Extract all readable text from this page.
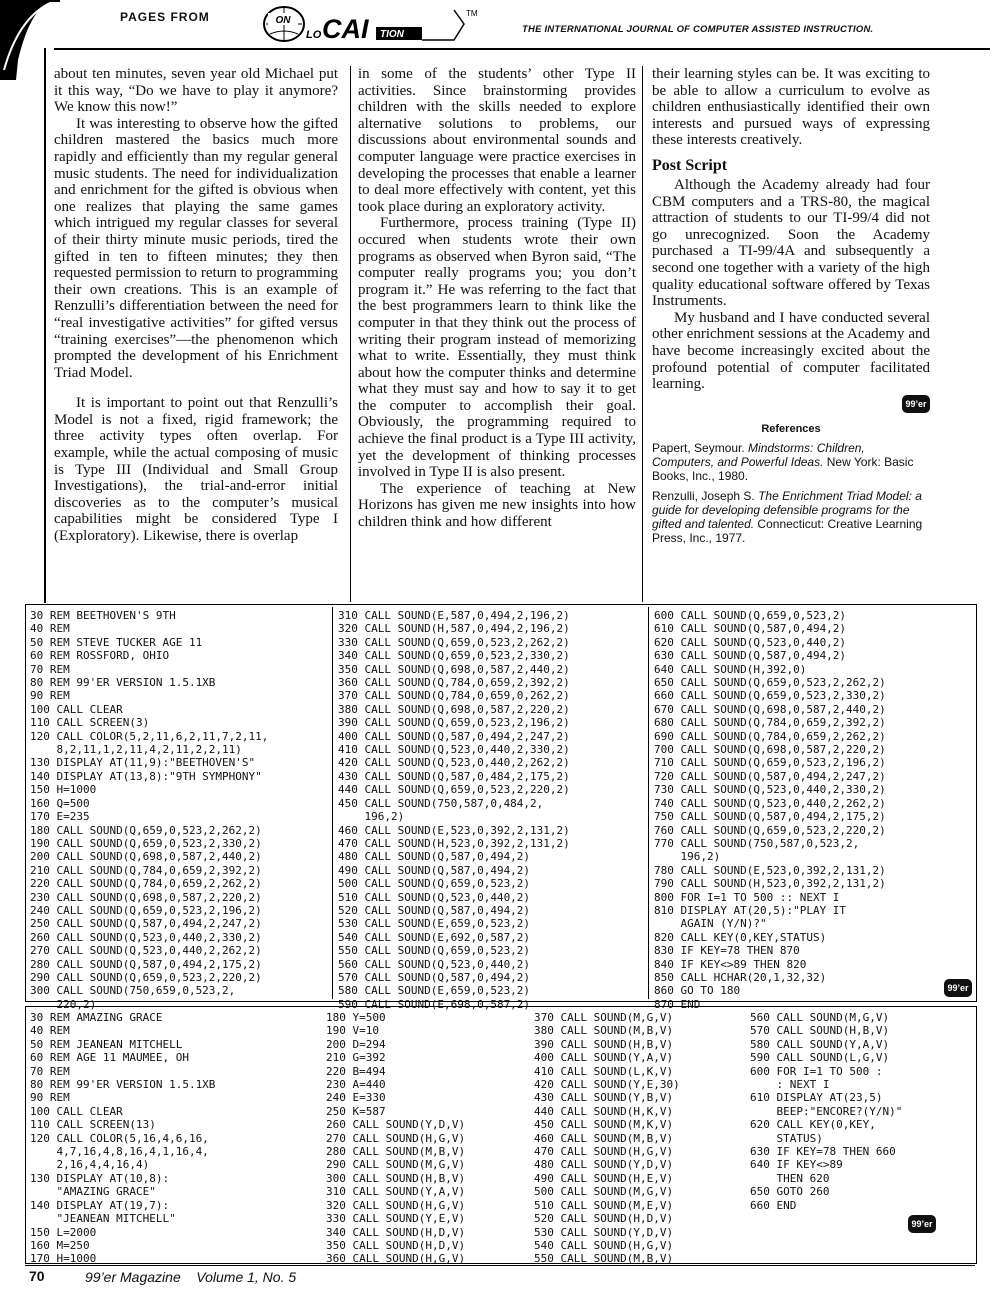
PAGES FROM	ON
LO CAI TION
TM
THE INTERNATIONAL JOURNAL OF COMPUTER ASSISTED INSTRUCTION.

about ten minutes, seven year old Michael put it this way, “Do we have to play it anymore? We know this now!”

It was interesting to observe how the gifted children mastered the basics much more rapidly and efficiently than my regular general music students. The need for individualization and enrichment for the gifted is obvious when one realizes that playing the same games which intrigued my regular classes for several of their thirty minute music periods, tired the gifted in ten to fifteen minutes; they then requested permission to return to programming their own creations. This is an example of Renzulli’s differentiation between the need for “real investigative activities” for gifted versus “training exercises”—the phenomenon which prompted the development of his Enrichment Triad Model.

It is important to point out that Renzulli’s Model is not a fixed, rigid framework; the three activity types often overlap. For example, while the actual composing of music is Type III (Individual and Small Group Investigations), the trial-and-error initial discoveries as to the computer’s musical capabilities might be considered Type I (Exploratory). Likewise, there is overlap

in some of the students’ other Type II activities. Since brainstorming provides children with the skills needed to explore alternative solutions to problems, our discussions about environmental sounds and computer language were practice exercises in developing the processes that enable a learner to deal more effectively with content, yet this took place during an exploratory activity.

Furthermore, process training (Type II) occured when students wrote their own programs as observed when Byron said, “The computer really programs you; you don’t program it.” He was referring to the fact that the best programmers learn to think like the computer in that they think out the process of writing their program instead of memorizing what to write. Essentially, they must think about how the computer thinks and determine what they must say and how to say it to get the computer to accomplish their goal. Obviously, the programming required to achieve the final product is a Type III activity, yet the development of thinking processes involved in Type II is also present.

The experience of teaching at New Horizons has given me new insights into how children think and how different

their learning styles can be. It was exciting to be able to allow a curriculum to evolve as children enthusiastically identified their own interests and pursued ways of expressing these interests creatively.

Post Script

Although the Academy already had four CBM computers and a TRS-80, the magical attraction of students to our TI-99/4 did not go unrecognized. Soon the Academy purchased a TI-99/4A and subsequently a second one together with a variety of the high quality educational software offered by Texas Instruments.

My husband and I have conducted several other enrichment sessions at the Academy and have become increasingly excited about the profound potential of computer facilitated learning.

99’er
References
Papert, Seymour. Mindstorms: Children, Computers, and Powerful Ideas. New York: Basic Books, Inc., 1980.
Renzulli, Joseph S. The Enrichment Triad Model: a guide for developing defensible programs for the gifted and talented. Connecticut: Creative Learning Press, Inc., 1977.
30 REM BEETHOVEN'S 9TH
40 REM
50 REM STEVE TUCKER AGE 11
60 REM ROSSFORD, OHIO
70 REM
80 REM 99'ER VERSION 1.5.1XB
90 REM
100 CALL CLEAR
110 CALL SCREEN(3)
120 CALL COLOR(5,2,11,6,2,11,7,2,11,
8,2,11,1,2,11,4,2,11,2,2,11)
130 DISPLAY AT(11,9):"BEETHOVEN'S"
140 DISPLAY AT(13,8):"9TH SYMPHONY"
150 H=1000
160 Q=500
170 E=235
180 CALL SOUND(Q,659,0,523,2,262,2)
190 CALL SOUND(Q,659,0,523,2,330,2)
200 CALL SOUND(Q,698,0,587,2,440,2)
210 CALL SOUND(Q,784,0,659,2,392,2)
220 CALL SOUND(Q,784,0,659,2,262,2)
230 CALL SOUND(Q,698,0,587,2,220,2)
240 CALL SOUND(Q,659,0,523,2,196,2)
250 CALL SOUND(Q,587,0,494,2,247,2)
260 CALL SOUND(Q,523,0,440,2,330,2)
270 CALL SOUND(Q,523,0,440,2,262,2)
280 CALL SOUND(Q,587,0,494,2,175,2)
290 CALL SOUND(Q,659,0,523,2,220,2)
300 CALL SOUND(750,659,0,523,2,
220,2)
310 CALL SOUND(E,587,0,494,2,196,2)
320 CALL SOUND(H,587,0,494,2,196,2)
330 CALL SOUND(Q,659,0,523,2,262,2)
340 CALL SOUND(Q,659,0,523,2,330,2)
350 CALL SOUND(Q,698,0,587,2,440,2)
360 CALL SOUND(Q,784,0,659,2,392,2)
370 CALL SOUND(Q,784,0,659,0,262,2)
380 CALL SOUND(Q,698,0,587,2,220,2)
390 CALL SOUND(Q,659,0,523,2,196,2)
400 CALL SOUND(Q,587,0,494,2,247,2)
410 CALL SOUND(Q,523,0,440,2,330,2)
420 CALL SOUND(Q,523,0,440,2,262,2)
430 CALL SOUND(Q,587,0,484,2,175,2)
440 CALL SOUND(Q,659,0,523,2,220,2)
450 CALL SOUND(750,587,0,484,2,
196,2)
460 CALL SOUND(E,523,0,392,2,131,2)
470 CALL SOUND(H,523,0,392,2,131,2)
480 CALL SOUND(Q,587,0,494,2)
490 CALL SOUND(Q,587,0,494,2)
500 CALL SOUND(Q,659,0,523,2)
510 CALL SOUND(Q,523,0,440,2)
520 CALL SOUND(Q,587,0,494,2)
530 CALL SOUND(E,659,0,523,2)
540 CALL SOUND(E,692,0,587,2)
550 CALL SOUND(Q,659,0,523,2)
560 CALL SOUND(Q,523,0,440,2)
570 CALL SOUND(Q,587,0,494,2)
580 CALL SOUND(E,659,0,523,2)
590 CALL SOUND(E,698,0,587,2)
600 CALL SOUND(Q,659,0,523,2)
610 CALL SOUND(Q,587,0,494,2)
620 CALL SOUND(Q,523,0,440,2)
630 CALL SOUND(Q,587,0,494,2)
640 CALL SOUND(H,392,0)
650 CALL SOUND(Q,659,0,523,2,262,2)
660 CALL SOUND(Q,659,0,523,2,330,2)
670 CALL SOUND(Q,698,0,587,2,440,2)
680 CALL SOUND(Q,784,0,659,2,392,2)
690 CALL SOUND(Q,784,0,659,2,262,2)
700 CALL SOUND(Q,698,0,587,2,220,2)
710 CALL SOUND(Q,659,0,523,2,196,2)
720 CALL SOUND(Q,587,0,494,2,247,2)
730 CALL SOUND(Q,523,0,440,2,330,2)
740 CALL SOUND(Q,523,0,440,2,262,2)
750 CALL SOUND(Q,587,0,494,2,175,2)
760 CALL SOUND(Q,659,0,523,2,220,2)
770 CALL SOUND(750,587,0,523,2,
196,2)
780 CALL SOUND(E,523,0,392,2,131,2)
790 CALL SOUND(H,523,0,392,2,131,2)
800 FOR I=1 TO 500 :: NEXT I
810 DISPLAY AT(20,5):"PLAY IT
AGAIN (Y/N)?"
820 CALL KEY(0,KEY,STATUS)
830 IF KEY=78 THEN 870
840 IF KEY<>89 THEN 820
850 CALL HCHAR(20,1,32,32)
860 GO TO 180
870 END
99’er
30 REM AMAZING GRACE
40 REM
50 REM JEANEAN MITCHELL
60 REM AGE 11 MAUMEE, OH
70 REM
80 REM 99'ER VERSION 1.5.1XB
90 REM
100 CALL CLEAR
110 CALL SCREEN(13)
120 CALL COLOR(5,16,4,6,16,
4,7,16,4,8,16,4,1,16,4,
2,16,4,4,16,4)
130 DISPLAY AT(10,8):
"AMAZING GRACE"
140 DISPLAY AT(19,7):
"JEANEAN MITCHELL"
150 L=2000
160 M=250
170 H=1000
180 Y=500
190 V=10
200 D=294
210 G=392
220 B=494
230 A=440
240 E=330
250 K=587
260 CALL SOUND(Y,D,V)
270 CALL SOUND(H,G,V)
280 CALL SOUND(M,B,V)
290 CALL SOUND(M,G,V)
300 CALL SOUND(H,B,V)
310 CALL SOUND(Y,A,V)
320 CALL SOUND(H,G,V)
330 CALL SOUND(Y,E,V)
340 CALL SOUND(H,D,V)
350 CALL SOUND(H,D,V)
360 CALL SOUND(H,G,V)
370 CALL SOUND(M,G,V)
380 CALL SOUND(M,B,V)
390 CALL SOUND(H,B,V)
400 CALL SOUND(Y,A,V)
410 CALL SOUND(L,K,V)
420 CALL SOUND(Y,E,30)
430 CALL SOUND(Y,B,V)
440 CALL SOUND(H,K,V)
450 CALL SOUND(M,K,V)
460 CALL SOUND(M,B,V)
470 CALL SOUND(H,G,V)
480 CALL SOUND(Y,D,V)
490 CALL SOUND(H,E,V)
500 CALL SOUND(M,G,V)
510 CALL SOUND(M,E,V)
520 CALL SOUND(H,D,V)
530 CALL SOUND(Y,D,V)
540 CALL SOUND(H,G,V)
550 CALL SOUND(M,B,V)
560 CALL SOUND(M,G,V)
570 CALL SOUND(H,B,V)
580 CALL SOUND(Y,A,V)
590 CALL SOUND(L,G,V)
600 FOR I=1 TO 500 :
: NEXT I
610 DISPLAY AT(23,5)
BEEP:"ENCORE?(Y/N)"
620 CALL KEY(0,KEY,
STATUS)
630 IF KEY=78 THEN 660
640 IF KEY<>89
THEN 620
650 GOTO 260
660 END
99’er
70	99’er Magazine    Volume 1, No. 5
